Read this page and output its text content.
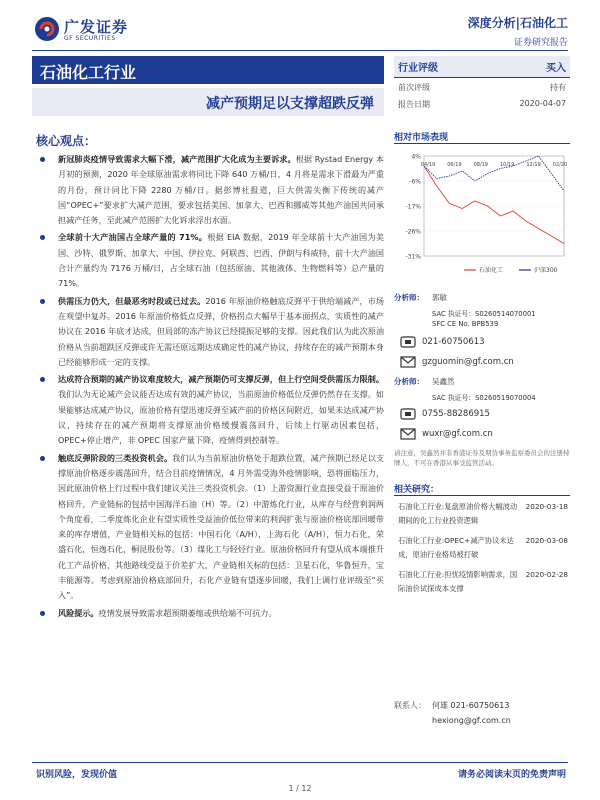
广发证券
GF SECURITIES
深度分析|石油化工
证券研究报告
石油化工行业
减产预期足以支撑超跌反弹
行业评级	买入
前次评级	持有
报告日期	2020-04-07
核心观点：
新冠肺炎疫情导致需求大幅下滑，减产范围扩大化成为主要诉求。根据 Rystad Energy 本月初的预测，2020 年全球原油需求将同比下降 640 万桶/日，4 月将是需求下滑最为严重的月份，预计同比下降 2280 万桶/日。据彭博社报道，巨大供需失衡下传统的减产国“OPEC+”要求扩大减产范围，要求包括美国、加拿大、巴西和挪威等其他产油国共同承担减产任务，至此减产范围扩大化诉求浮出水面。
全球前十大产油国占全球产量的 71%。根据 EIA 数据，2019 年全球前十大产油国为美国、沙特、俄罗斯、加拿大、中国、伊拉克、阿联酋、巴西、伊朗与科威特，前十大产油国合计产量约为 7176 万桶/日，占全球石油（包括原油、其他液体、生物燃料等）总产量的 71%。
供需压力仍大，但最恶劣时段或已过去。2016 年原油价格触底反弹平于供给端减产，市场在观望中复苏。2016 年原油价格低点反弹，价格拐点大幅早于基本面拐点，实质性的减产协议在 2016 年底才达成，但局部的冻产协议已经提振足够的支撑。因此我们认为此次原油价格从当前超跌区反弹或许无需还原远期达成确定性的减产协议，持续存在的减产预期本身已经能够形成一定的支撑。
达成符合预期的减产协议难度较大，减产预期仍可支撑反弹，但上行空间受供需压力限制。我们认为无论减产会议能否达成有效的减产协议，当前原油价格低位反弹仍然存在支撑。如果能够达成减产协议，原油价格有望迅速反弹至减产前的价格区间附近，如果未达成减产协议，持续存在的减产预期将支撑原油价格缓慢震荡回升，后续上行驱动因素包括，OPEC+停止增产，非 OPEC 国家产量下降，疫情得到控制等。
触底反弹阶段的三类投资机会。我们认为当前原油价格处于超跌位置，减产预期已经足以支撑原油价格逐步震荡回升，结合目前疫情情况，4 月外需受海外疫情影响，恐将面临压力，因此原油价格上行过程中我们建议关注三类投资机会。（1）上游资源行业直接受益于原油价格回升，产业链标的包括中国海洋石油（H）等。（2）中游炼化行业，从库存与经营利润两个角度看，二季度炼化企业有望实质性受益油价低位带来的利润扩张与原油价格底部回暖带来的库存增值，产业链相关标的包括：中国石化（A/H），上海石化（A/H），恒力石化，荣盛石化，恒逸石化，桐昆股份等。（3）煤化工与轻烃行业。原油价格回升有望从成本端推升化工产品价格，其他路线受益于价差扩大，产业链相关标的包括：卫星石化，华鲁恒升，宝丰能源等。考虑到原油价格底部回升，石化产业链有望逐步回暖，我们上调行业评级至“买入”。
风险提示。疫情发展导致需求超预期萎缩或供给端不可抗力。
相对市场表现
4%
-6%
-17%
-26%
-31%
04/19 06/19 08/19 10/19 12/19 02/20
石油化工	沪深300
分析师：	郭敏
SAC 执证号：S0260514070001
SFC CE No. BPB539
021-60750613
gzguomin@gf.com.cn
分析师：	吴鑫然
SAC 执证号：S0260519070004
0755-88286915
wuxr@gf.com.cn
请注意，吴鑫然并非香港证券及期货事务监察委员会的注册持牌人，不可在香港从事受监管活动。
相关研究：
石油化工行业:复盘原油价格大幅波动期间的化工行业投资逻辑
2020-03-18
石油化工行业:OPEC+减产协议未达成，原油行业格局被打破
2020-03-08
石油化工行业:担忧疫情影响需求，国际油价试探成本支撑
2020-02-28
联系人： 何雄 021-60750613
hexiong@gf.com.cn
识别风险，发现价值	请务必阅读末页的免责声明
1 / 12
